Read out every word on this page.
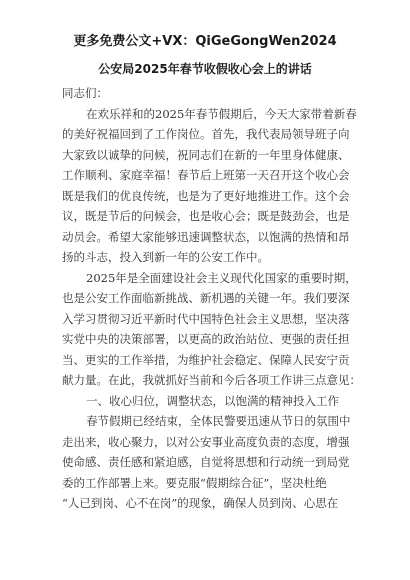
更多免费公文+VX：QiGeGongWen2024
公安局2025年春节收假收心会上的讲话
同志们：
在欢乐祥和的2025年春节假期后，今天大家带着新春
的美好祝福回到了工作岗位。首先，我代表局领导班子向
大家致以诚挚的问候，祝同志们在新的一年里身体健康、
工作顺利、家庭幸福！春节后上班第一天召开这个收心会
既是我们的优良传统，也是为了更好地推进工作。这个会
议，既是节后的问候会，也是收心会；既是鼓劲会，也是
动员会。希望大家能够迅速调整状态，以饱满的热情和昂
扬的斗志，投入到新一年的公安工作中。
2025年是全面建设社会主义现代化国家的重要时期，
也是公安工作面临新挑战、新机遇的关键一年。我们要深
入学习贯彻习近平新时代中国特色社会主义思想，坚决落
实党中央的决策部署，以更高的政治站位、更强的责任担
当、更实的工作举措，为维护社会稳定、保障人民安宁贡
献力量。在此，我就抓好当前和今后各项工作讲三点意见：
一、收心归位，调整状态，以饱满的精神投入工作
春节假期已经结束，全体民警要迅速从节日的氛围中
走出来，收心聚力，以对公安事业高度负责的态度，增强
使命感、责任感和紧迫感，自觉将思想和行动统一到局党
委的工作部署上来。要克服“假期综合征”，坚决杜绝
“人已到岗、心不在岗”的现象，确保人员到岗、心思在
